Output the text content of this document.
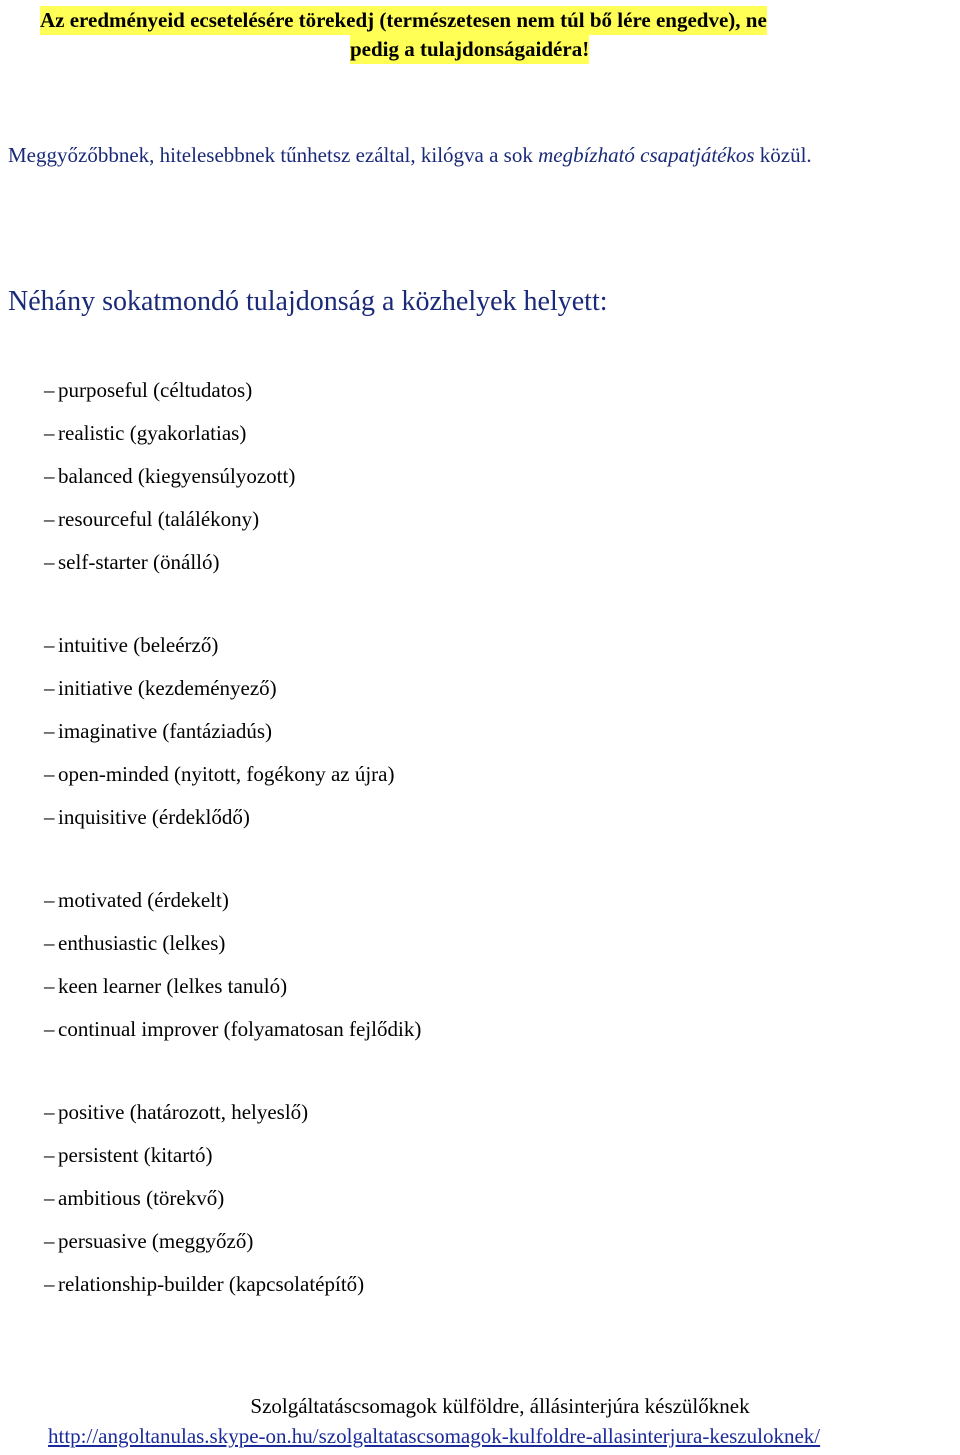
Az eredményeid ecsetelésére törekedj (természetesen nem túl bő lére engedve), ne
pedig a tulajdonságaidéra!

Meggyőzőbbnek, hitelesebbnek tűnhetsz ezáltal, kilógva a sok megbízható csapatjátékos közül.

Néhány sokatmondó tulajdonság a közhelyek helyett:
– purposeful (céltudatos)
– realistic (gyakorlatias)
– balanced (kiegyensúlyozott)
– resourceful (találékony)
– self-starter (önálló)
– intuitive (beleérző)
– initiative (kezdeményező)
– imaginative (fantáziadús)
– open-minded (nyitott, fogékony az újra)
– inquisitive (érdeklődő)
– motivated (érdekelt)
– enthusiastic (lelkes)
– keen learner (lelkes tanuló)
– continual improver (folyamatosan fejlődik)
– positive (határozott, helyeslő)
– persistent (kitartó)
– ambitious (törekvő)
– persuasive (meggyőző)
– relationship-builder (kapcsolatépítő)
Szolgáltatáscsomagok külföldre, állásinterjúra készülőknek
http://angoltanulas.skype-on.hu/szolgaltatascsomagok-kulfoldre-allasinterjura-keszuloknek/
